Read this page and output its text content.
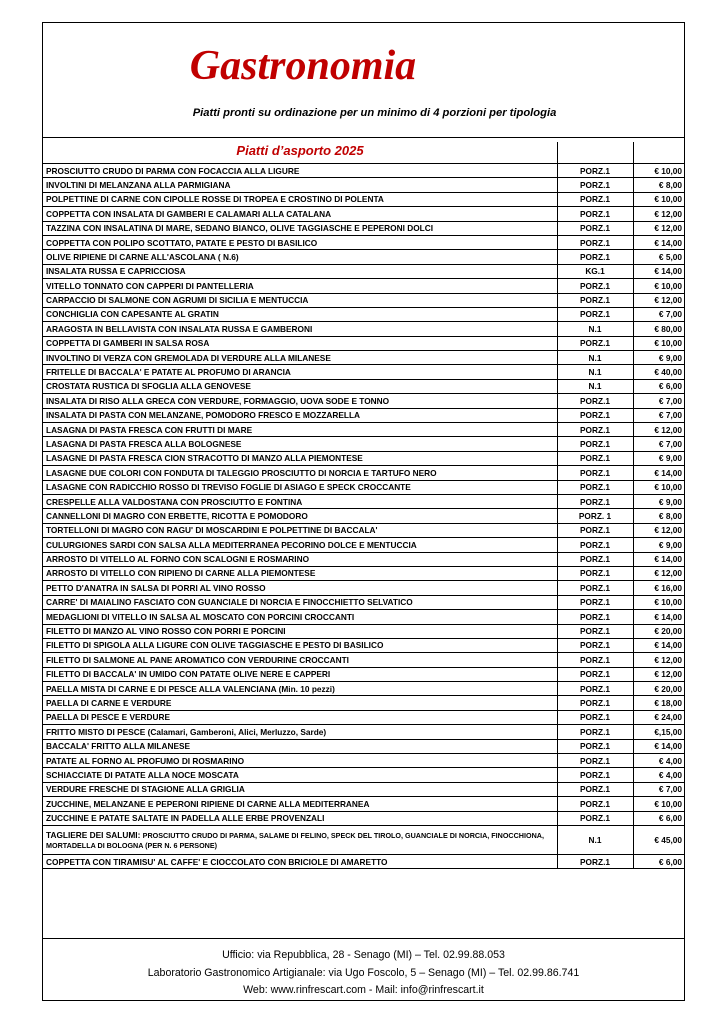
Gastronomia

Piatti pronti su ordinazione per un minimo di 4 porzioni per tipologia

Piatti d’asporto 2025
PROSCIUTTO CRUDO DI PARMA CON FOCACCIA ALLA LIGURE	PORZ.1	€ 10,00
INVOLTINI DI MELANZANA ALLA PARMIGIANA	PORZ.1	€ 8,00
POLPETTINE DI CARNE CON CIPOLLE ROSSE DI TROPEA E CROSTINO DI POLENTA	PORZ.1	€ 10,00
COPPETTA CON INSALATA DI GAMBERI E CALAMARI ALLA CATALANA	PORZ.1	€ 12,00
TAZZINA CON INSALATINA DI MARE, SEDANO BIANCO, OLIVE TAGGIASCHE E PEPERONI DOLCI	PORZ.1	€ 12,00
COPPETTA CON POLIPO SCOTTATO, PATATE E PESTO DI BASILICO	PORZ.1	€ 14,00
OLIVE RIPIENE DI CARNE ALL'ASCOLANA ( N.6)	PORZ.1	€ 5,00
INSALATA RUSSA E CAPRICCIOSA	KG.1	€ 14,00
VITELLO TONNATO CON CAPPERI DI PANTELLERIA	PORZ.1	€ 10,00
CARPACCIO DI SALMONE CON AGRUMI DI SICILIA E MENTUCCIA	PORZ.1	€ 12,00
CONCHIGLIA CON CAPESANTE AL GRATIN	PORZ.1	€ 7,00
ARAGOSTA IN BELLAVISTA CON INSALATA RUSSA E GAMBERONI	N.1	€ 80,00
COPPETTA DI GAMBERI IN SALSA ROSA	PORZ.1	€ 10,00
INVOLTINO DI VERZA CON GREMOLADA DI VERDURE ALLA MILANESE	N.1	€ 9,00
FRITELLE DI BACCALA' E PATATE AL PROFUMO DI ARANCIA	N.1	€ 40,00
CROSTATA RUSTICA DI SFOGLIA ALLA GENOVESE	N.1	€ 6,00
INSALATA DI RISO ALLA GRECA CON VERDURE, FORMAGGIO, UOVA SODE E TONNO	PORZ.1	€ 7,00
INSALATA DI PASTA CON MELANZANE, POMODORO FRESCO E MOZZARELLA	PORZ.1	€ 7,00
LASAGNA DI PASTA FRESCA CON FRUTTI DI MARE	PORZ.1	€ 12,00
LASAGNA DI PASTA FRESCA ALLA BOLOGNESE	PORZ.1	€ 7,00
LASAGNE DI PASTA FRESCA CION STRACOTTO DI MANZO ALLA PIEMONTESE	PORZ.1	€ 9,00
LASAGNE DUE COLORI CON FONDUTA DI TALEGGIO PROSCIUTTO DI NORCIA E TARTUFO NERO	PORZ.1	€ 14,00
LASAGNE CON RADICCHIO ROSSO DI TREVISO FOGLIE DI ASIAGO E SPECK CROCCANTE	PORZ.1	€ 10,00
CRESPELLE ALLA VALDOSTANA CON PROSCIUTTO E FONTINA	PORZ.1	€ 9,00
CANNELLONI DI MAGRO CON ERBETTE, RICOTTA E POMODORO	PORZ. 1	€ 8,00
TORTELLONI DI MAGRO CON RAGU' DI MOSCARDINI E POLPETTINE DI BACCALA'	PORZ.1	€ 12,00
CULURGIONES SARDI CON SALSA ALLA MEDITERRANEA PECORINO DOLCE E MENTUCCIA	PORZ.1	€ 9,00
ARROSTO DI VITELLO AL FORNO CON SCALOGNI E ROSMARINO	PORZ.1	€ 14,00
ARROSTO DI VITELLO CON RIPIENO DI CARNE ALLA PIEMONTESE	PORZ.1	€ 12,00
PETTO D'ANATRA IN SALSA DI PORRI AL VINO ROSSO	PORZ.1	€ 16,00
CARRE' DI MAIALINO FASCIATO CON GUANCIALE DI NORCIA E FINOCCHIETTO SELVATICO	PORZ.1	€ 10,00
MEDAGLIONI DI VITELLO IN SALSA AL MOSCATO CON PORCINI CROCCANTI	PORZ.1	€ 14,00
FILETTO DI MANZO AL VINO ROSSO CON PORRI E PORCINI	PORZ.1	€ 20,00
FILETTO DI SPIGOLA ALLA LIGURE CON OLIVE TAGGIASCHE E PESTO DI BASILICO	PORZ.1	€ 14,00
FILETTO DI SALMONE AL PANE AROMATICO CON VERDURINE CROCCANTI	PORZ.1	€ 12,00
FILETTO DI BACCALA' IN UMIDO CON PATATE OLIVE NERE E CAPPERI	PORZ.1	€ 12,00
PAELLA MISTA DI CARNE E DI PESCE ALLA VALENCIANA (Min. 10 pezzi)	PORZ.1	€ 20,00
PAELLA DI CARNE E VERDURE	PORZ.1	€ 18,00
PAELLA DI PESCE E VERDURE	PORZ.1	€ 24,00
FRITTO MISTO DI PESCE (Calamari, Gamberoni, Alici, Merluzzo, Sarde)	PORZ.1	€,15,00
BACCALA' FRITTO ALLA MILANESE	PORZ.1	€ 14,00
PATATE AL FORNO AL PROFUMO DI ROSMARINO	PORZ.1	€ 4,00
SCHIACCIATE DI PATATE ALLA NOCE MOSCATA	PORZ.1	€ 4,00
VERDURE FRESCHE DI STAGIONE ALLA GRIGLIA	PORZ.1	€ 7,00
ZUCCHINE, MELANZANE E PEPERONI RIPIENE DI CARNE ALLA MEDITERRANEA	PORZ.1	€ 10,00
ZUCCHINE E PATATE SALTATE IN PADELLA ALLE ERBE PROVENZALI	PORZ.1	€ 6,00
TAGLIERE DEI SALUMI: PROSCIUTTO CRUDO DI PARMA, SALAME DI FELINO, SPECK DEL TIROLO, GUANCIALE DI NORCIA, FINOCCHIONA, MORTADELLA DI BOLOGNA (PER N. 6 PERSONE)	N.1	€ 45,00
COPPETTA CON TIRAMISU' AL CAFFE' E CIOCCOLATO CON BRICIOLE DI AMARETTO	PORZ.1	€ 6,00
Ufficio: via Repubblica, 28 - Senago (MI) – Tel. 02.99.88.053
Laboratorio Gastronomico Artigianale: via Ugo Foscolo, 5 – Senago (MI) – Tel. 02.99.86.741
Web: www.rinfrescart.com - Mail: info@rinfrescart.it
